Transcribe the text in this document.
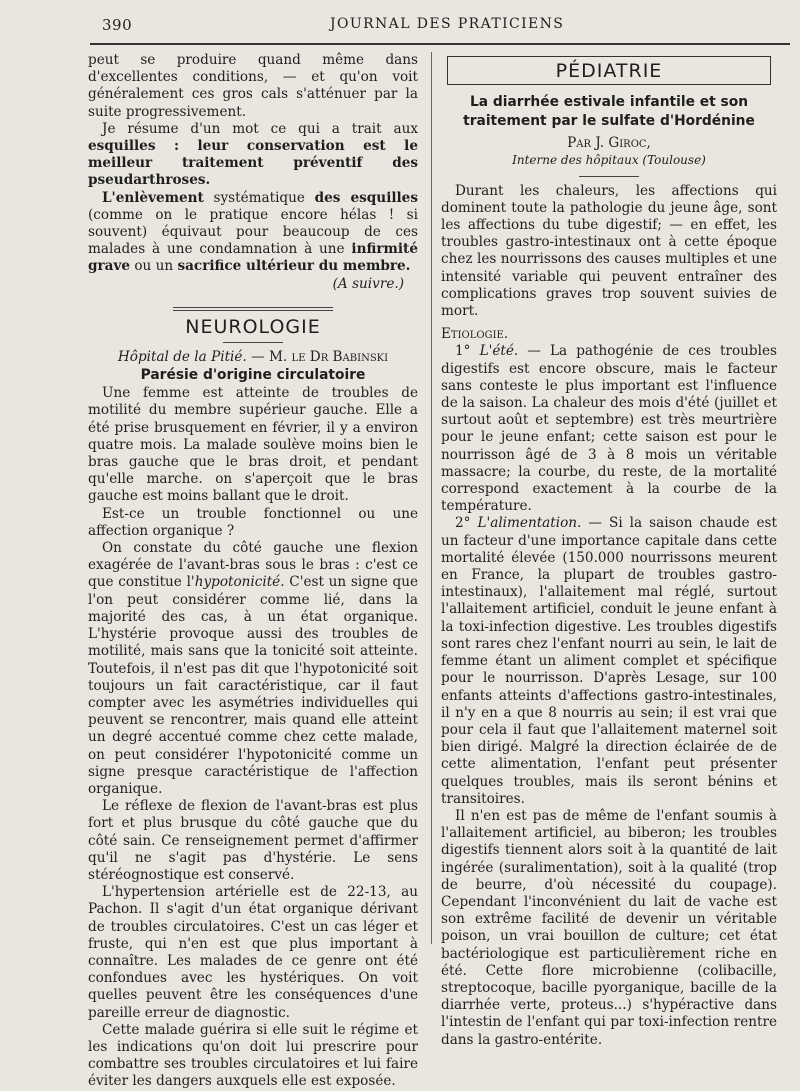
390	JOURNAL DES PRATICIENS

peut se produire quand même dans d'excellentes conditions, — et qu'on voit généralement ces gros cals s'atténuer par la suite progressivement.

Je résume d'un mot ce qui a trait aux esquilles : leur conservation est le meilleur traitement préventif des pseudarthroses.

L'enlèvement systématique des esquilles (comme on le pratique encore hélas ! si souvent) équivaut pour beaucoup de ces malades à une condamnation à une infirmité grave ou un sacrifice ultérieur du membre.

(A suivre.)

NEUROLOGIE

Hôpital de la Pitié. — M. le Dr Babinski

Parésie d'origine circulatoire

Une femme est atteinte de troubles de motilité du membre supérieur gauche. Elle a été prise brusquement en février, il y a environ quatre mois. La malade soulève moins bien le bras gauche que le bras droit, et pendant qu'elle marche. on s'aperçoit que le bras gauche est moins ballant que le droit.

Est-ce un trouble fonctionnel ou une affection organique ?

On constate du côté gauche une flexion exagérée de l'avant-bras sous le bras : c'est ce que constitue l'hypotonicité. C'est un signe que l'on peut considérer comme lié, dans la majorité des cas, à un état organique. L'hystérie provoque aussi des troubles de motilité, mais sans que la tonicité soit atteinte. Toutefois, il n'est pas dit que l'hypotonicité soit toujours un fait caractéristique, car il faut compter avec les asymétries individuelles qui peuvent se rencontrer, mais quand elle atteint un degré accentué comme chez cette malade, on peut considérer l'hypotonicité comme un signe presque caractéristique de l'affection organique.

Le réflexe de flexion de l'avant-bras est plus fort et plus brusque du côté gauche que du côté sain. Ce renseignement permet d'affirmer qu'il ne s'agit pas d'hystérie. Le sens stéréognostique est conservé.

L'hypertension artérielle est de 22-13, au Pachon. Il s'agit d'un état organique dérivant de troubles circulatoires. C'est un cas léger et fruste, qui n'en est que plus important à connaître. Les malades de ce genre ont été confondues avec les hystériques. On voit quelles peuvent être les conséquences d'une pareille erreur de diagnostic.

Cette malade guérira si elle suit le régime et les indications qu'on doit lui prescrire pour combattre ses troubles circulatoires et lui faire éviter les dangers auxquels elle est exposée.

PÉDIATRIE
La diarrhée estivale infantile et son traitement par le sulfate d'Hordénine

Par J. Giroc,

Interne des hôpitaux (Toulouse)

Durant les chaleurs, les affections qui dominent toute la pathologie du jeune âge, sont les affections du tube digestif; — en effet, les troubles gastro-intestinaux ont à cette époque chez les nourrissons des causes multiples et une intensité variable qui peuvent entraîner des complications graves trop souvent suivies de mort.

Etiologie.

1° L'été. — La pathogénie de ces troubles digestifs est encore obscure, mais le facteur sans conteste le plus important est l'influence de la saison. La chaleur des mois d'été (juillet et surtout août et septembre) est très meurtrière pour le jeune enfant; cette saison est pour le nourrisson âgé de 3 à 8 mois un véritable massacre; la courbe, du reste, de la mortalité correspond exactement à la courbe de la température.

2° L'alimentation. — Si la saison chaude est un facteur d'une importance capitale dans cette mortalité élevée (150.000 nourrissons meurent en France, la plupart de troubles gastro-intestinaux), l'allaitement mal réglé, surtout l'allaitement artificiel, conduit le jeune enfant à la toxi-infection digestive. Les troubles digestifs sont rares chez l'enfant nourri au sein, le lait de femme étant un aliment complet et spécifique pour le nourrisson. D'après Lesage, sur 100 enfants atteints d'affections gastro-intestinales, il n'y en a que 8 nourris au sein; il est vrai que pour cela il faut que l'allaitement maternel soit bien dirigé. Malgré la direction éclairée de de cette alimentation, l'enfant peut présenter quelques troubles, mais ils seront bénins et transitoires.

Il n'en est pas de même de l'enfant soumis à l'allaitement artificiel, au biberon; les troubles digestifs tiennent alors soit à la quantité de lait ingérée (suralimentation), soit à la qualité (trop de beurre, d'où nécessité du coupage). Cependant l'inconvénient du lait de vache est son extrême facilité de devenir un véritable poison, un vrai bouillon de culture; cet état bactériologique est particulièrement riche en été. Cette flore microbienne (colibacille, streptocoque, bacille pyorganique, bacille de la diarrhée verte, proteus...) s'hypéractive dans l'intestin de l'enfant qui par toxi-infection rentre dans la gastro-entérite.
